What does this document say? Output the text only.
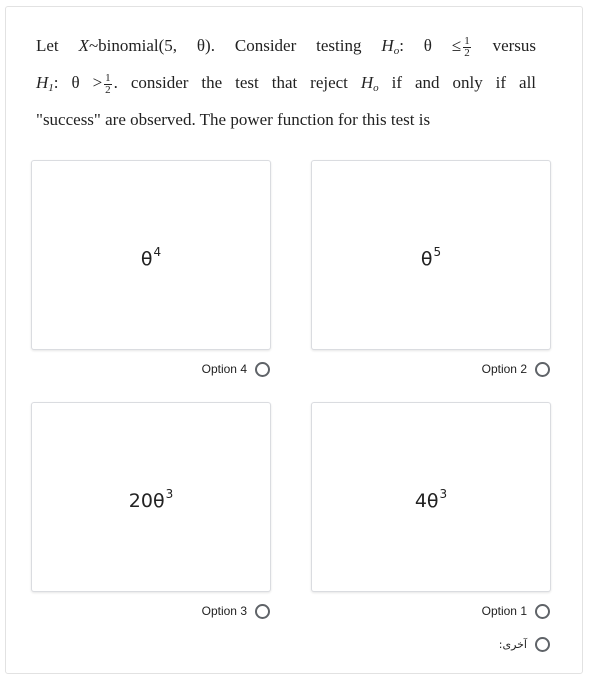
Let X~binomial(5, θ). Consider testing $H_o$: $\theta \le \frac{1}{2}$ versus
$H_1$: $\theta > \frac{1}{2}$ . consider the test that reject $H_o$ if and only if all
"success" are observed. The power function for this test is
$\theta^4$	$\theta^5$
$20\theta^3$	$4\theta^3$
Option 4	Option 2
Option 3	Option 1
آخرى:
